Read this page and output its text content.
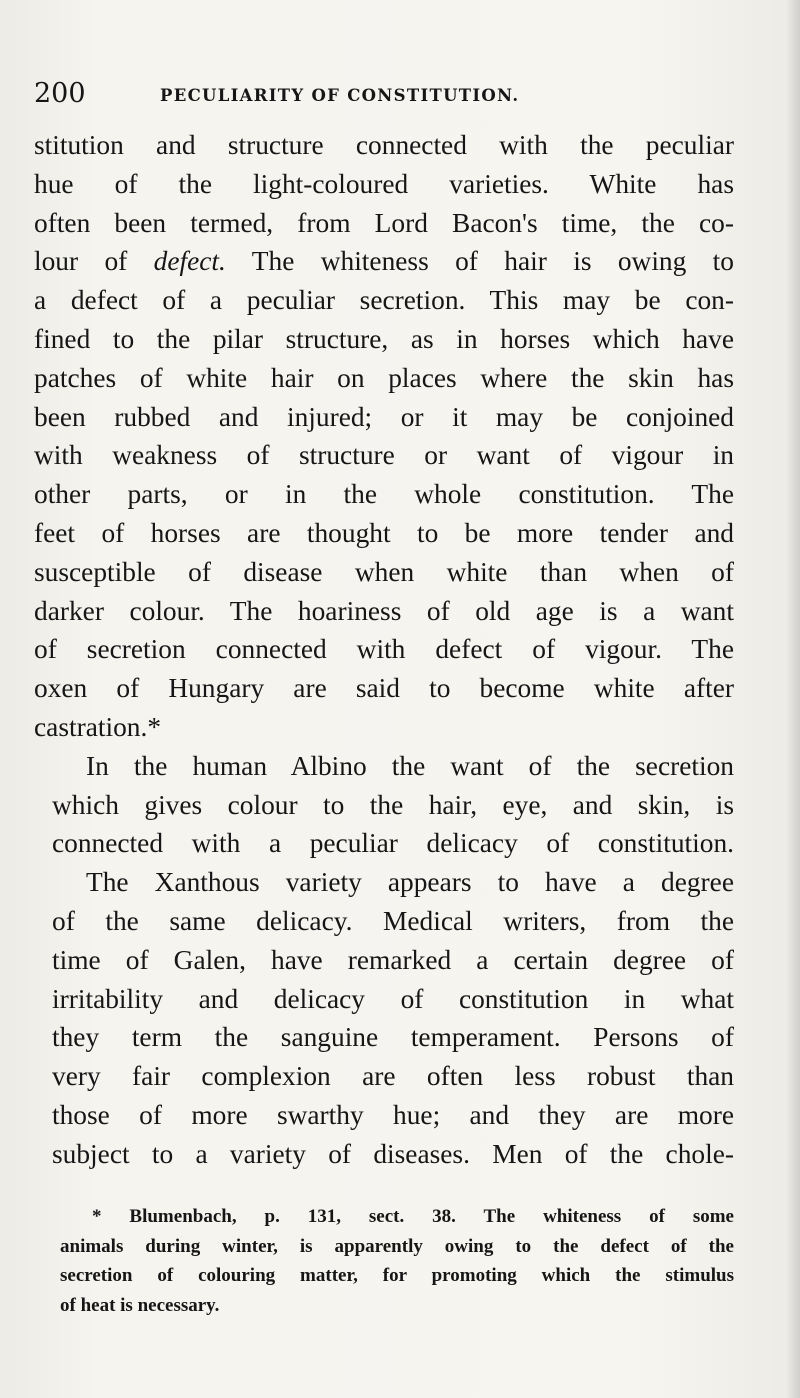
200	PECULIARITY OF CONSTITUTION.
stitution and structure connected with the peculiar
hue of the light-coloured varieties. White has
often been termed, from Lord Bacon's time, the co-
lour of defect. The whiteness of hair is owing to
a defect of a peculiar secretion. This may be con-
fined to the pilar structure, as in horses which have
patches of white hair on places where the skin has
been rubbed and injured; or it may be conjoined
with weakness of structure or want of vigour in
other parts, or in the whole constitution. The
feet of horses are thought to be more tender and
susceptible of disease when white than when of
darker colour. The hoariness of old age is a want
of secretion connected with defect of vigour. The
oxen of Hungary are said to become white after
castration.*
In the human Albino the want of the secretion
which gives colour to the hair, eye, and skin, is
connected with a peculiar delicacy of constitution.
The Xanthous variety appears to have a degree
of the same delicacy. Medical writers, from the
time of Galen, have remarked a certain degree of
irritability and delicacy of constitution in what
they term the sanguine temperament. Persons of
very fair complexion are often less robust than
those of more swarthy hue; and they are more
subject to a variety of diseases. Men of the chole-
* Blumenbach, p. 131, sect. 38. The whiteness of some
animals during winter, is apparently owing to the defect of the
secretion of colouring matter, for promoting which the stimulus
of heat is necessary.
